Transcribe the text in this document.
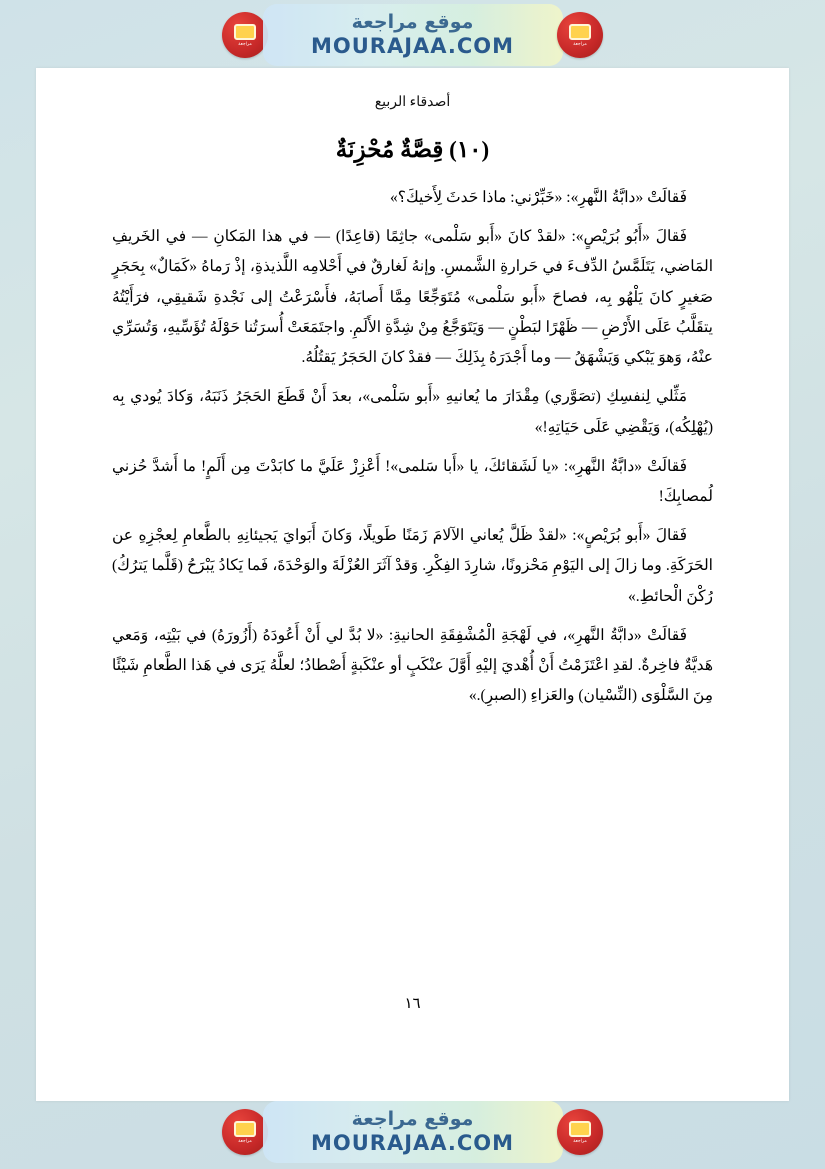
مراجعة
موقع مراجعة
MOURAJAA.COM	مراجعة
أصدقاء الربيع
(١٠) قِصَّةٌ مُحْزِنَةٌ

فَقالَتْ «دابَّةُ النَّهرِ»: «خَبِّرْني: ماذا حَدثَ لِأَخيكَ؟»

فَقالَ «أَبُو بُرَيْصٍ»: «لقدْ كانَ «أَبو سَلْمى» جاثِمًا (قاعِدًا) — في هذا المَكانِ — في الخَريفِ المَاضي، يَتَلَمَّسُ الدِّفءَ في حَرارةِ الشَّمسِ. وإنهُ لَغارقٌ في أَحْلامِه اللَّذيذةِ، إذْ رَماهُ «كَمَالٌ» بِحَجَرٍ صَغيرٍ كانَ يَلْهُو بِه، فصاحَ «أَبو سَلْمى» مُتَوَجِّعًا مِمَّا أَصابَهُ، فأَسْرَعْتُ إلى نَجْدةِ شَقيقِي، فرَأَيْتُهُ يتقَلَّبُ عَلَى الأَرْضِ — ظَهْرًا لبَطْنٍ — وَيَتَوَجَّعُ مِنْ شِدَّةِ الأَلَمِ. واجتَمَعَتْ أُسرَتُنا حَوْلَهُ تُؤَسِّيهِ، وَتُسَرِّي عنْهُ، وَهوَ يَبْكي وَيَشْهَقُ — وما أَجْدَرَهُ بِذَلِكَ — فقدْ كانَ الحَجَرُ يَقتُلُهُ.

مَثِّلي لِنفسِكِ (تصَوَّري) مِقْدَارَ ما يُعانيهِ «أَبو سَلْمى»، بعدَ أَنْ قَطَعَ الحَجَرُ ذَنَبَهُ، وَكادَ يُودي بِه (يُهْلِكُه)، وَيَقْضِي عَلَى حَيَاتِهِ!»

فَقالَتْ «دابَّةُ النَّهرِ»: «يا لَشَقائكَ، يا «أَبا سَلمى»! أَعْزِزْ عَلَيَّ ما كابَدْتَ مِن أَلَمٍ! ما أَشدَّ حُزني لُمصابِكَ!

فَقالَ «أَبو بُرَيْصٍ»: «لقدْ ظَلَّ يُعاني الآلامَ زَمَنًا طَويلًا، وَكانَ أَبَوايَ يَجيئانِهِ بالطَّعامِ لِعجْزِهِ عن الحَرَكَةِ. وما زالَ إلى اليَوْمِ مَحْزونًا، شارِدَ الفِكْرِ. وَقدْ آثَرَ العُزْلَةَ والوَحْدَةَ، فَما يَكادُ يَبْرَحُ (قَلَّما يَترُكُ) رُكْنَ الْحائطِ.»

فَقالَتْ «دابَّةُ النَّهرِ»، في لَهْجَةِ الْمُشْفِقَةِ الحانيةِ: «لا بُدَّ لي أَنْ أَعُودَهُ (أَزُورَهُ) في بَيْتِه، وَمَعي هَديَّةٌ فاخِرةٌ. لقدِ اعْتَزَمْتُ أَنْ أُهْديَ إليْهِ أَوَّلَ عنْكَبٍ أو عنْكَبةٍ أَصْطادُ؛ لعلَّهُ يَرَى في هَذا الطَّعامِ شَيْئًا مِنَ السَّلْوَى (النِّسْيان) والعَزاءِ (الصبرِ).»

١٦
مراجعة
موقع مراجعة
MOURAJAA.COM	مراجعة
